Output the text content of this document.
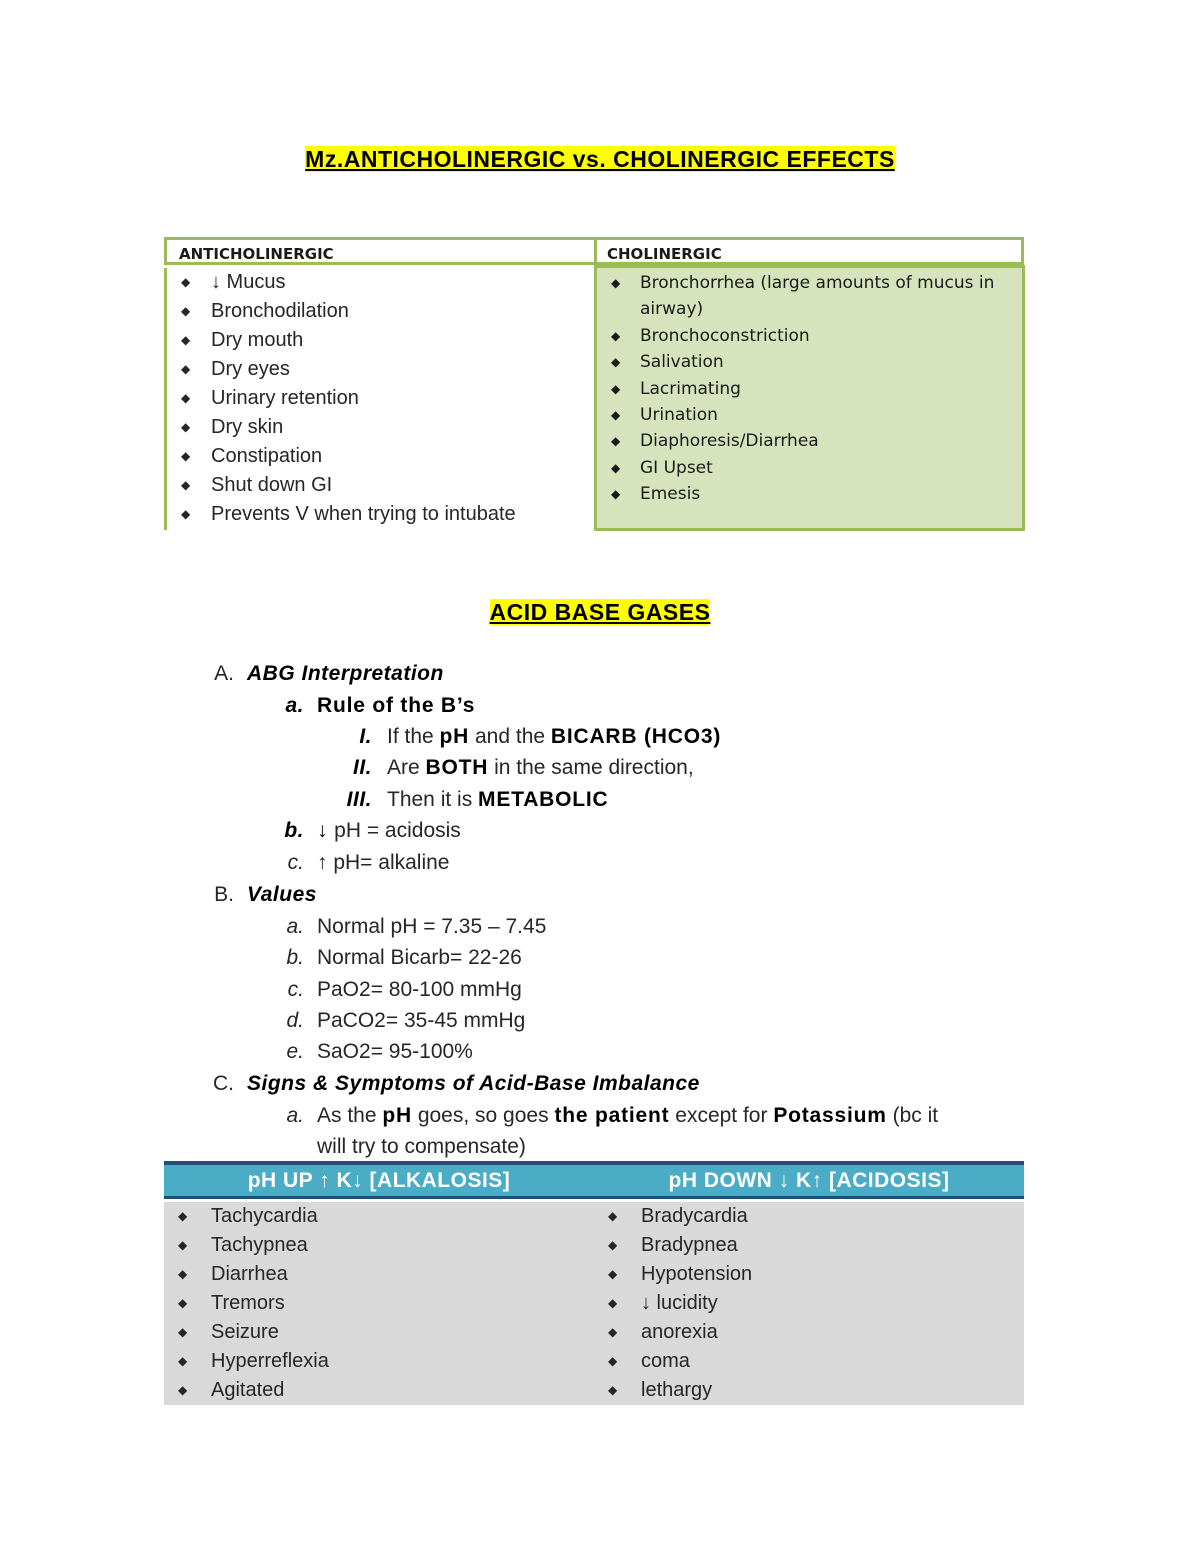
Mz.ANTICHOLINERGIC vs. CHOLINERGIC EFFECTS
ANTICHOLINERGIC	CHOLINERGIC
◆ ↓ Mucus
◆ Bronchodilation
◆ Dry mouth
◆ Dry eyes
◆ Urinary retention
◆ Dry skin
◆ Constipation
◆ Shut down GI
◆ Prevents V when trying to intubate
◆ Bronchorrhea (large amounts of mucus in airway)
◆ Bronchoconstriction
◆ Salivation
◆ Lacrimating
◆ Urination
◆ Diaphoresis/Diarrhea
◆ GI Upset
◆ Emesis
ACID BASE GASES
A. ABG Interpretation
a. Rule of the B’s
I. If the pH and the BICARB (HCO3)
II. Are BOTH in the same direction,
III. Then it is METABOLIC
b. ↓ pH = acidosis
c. ↑ pH= alkaline
B. Values
a. Normal pH = 7.35 – 7.45
b. Normal Bicarb= 22-26
c. PaO2= 80-100 mmHg
d. PaCO2= 35-45 mmHg
e. SaO2= 95-100%
C. Signs & Symptoms of Acid-Base Imbalance
a. As the pH goes, so goes the patient except for Potassium (bc it
will try to compensate)
pH UP ↑ K↓ [ALKALOSIS]	pH DOWN ↓ K↑ [ACIDOSIS]
◆ Tachycardia
◆ Tachypnea
◆ Diarrhea
◆ Tremors
◆ Seizure
◆ Hyperreflexia
◆ Agitated
◆ Bradycardia
◆ Bradypnea
◆ Hypotension
◆ ↓ lucidity
◆ anorexia
◆ coma
◆ lethargy
